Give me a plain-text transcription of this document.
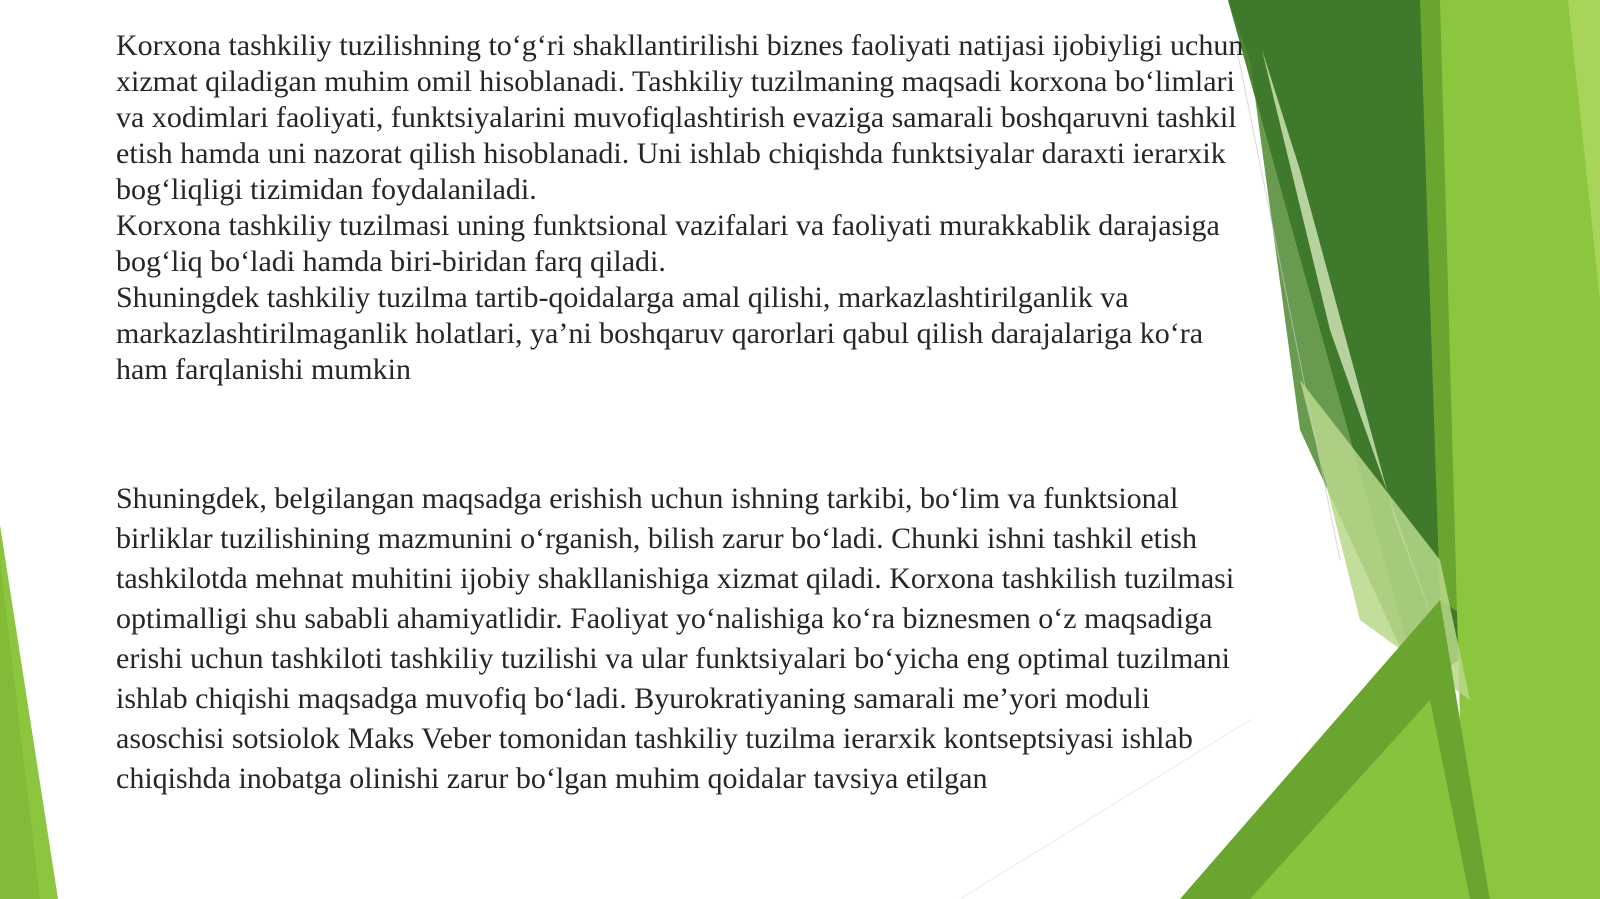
Korxona tashkiliy tuzilishning to‘g‘ri shakllantirilishi biznes faoliyati natijasi ijobiyligi uchun xizmat qiladigan muhim omil hisoblanadi. Tashkiliy tuzilmaning maqsadi korxona bo‘limlari va xodimlari faoliyati, funktsiyalarini muvofiqlashtirish evaziga samarali boshqaruvni tashkil etish hamda uni nazorat qilish hisoblanadi. Uni ishlab chiqishda funktsiyalar daraxti ierarxik bog‘liqligi tizimidan foydalaniladi.

Korxona tashkiliy tuzilmasi uning funktsional vazifalari va faoliyati murakkablik darajasiga bog‘liq bo‘ladi hamda biri-biridan farq qiladi.

Shuningdek tashkiliy tuzilma tartib-qoidalarga amal qilishi, markazlashtirilganlik va markazlashtirilmaganlik holatlari, ya’ni boshqaruv qarorlari qabul qilish darajalariga ko‘ra ham farqlanishi mumkin

Shuningdek, belgilangan maqsadga erishish uchun ishning tarkibi, bo‘lim va funktsional birliklar tuzilishining mazmunini o‘rganish, bilish zarur bo‘ladi. Chunki ishni tashkil etish tashkilotda mehnat muhitini ijobiy shakllanishiga xizmat qiladi. Korxona tashkilish tuzilmasi optimalligi shu sababli ahamiyatlidir. Faoliyat yo‘nalishiga ko‘ra biznesmen o‘z maqsadiga erishi uchun tashkiloti tashkiliy tuzilishi va ular funktsiyalari bo‘yicha eng optimal tuzilmani ishlab chiqishi maqsadga muvofiq bo‘ladi. Byurokratiyaning samarali me’yori moduli asoschisi sotsiolok Maks Veber tomonidan tashkiliy tuzilma ierarxik kontseptsiyasi ishlab chiqishda inobatga olinishi zarur bo‘lgan muhim qoidalar tavsiya etilgan
